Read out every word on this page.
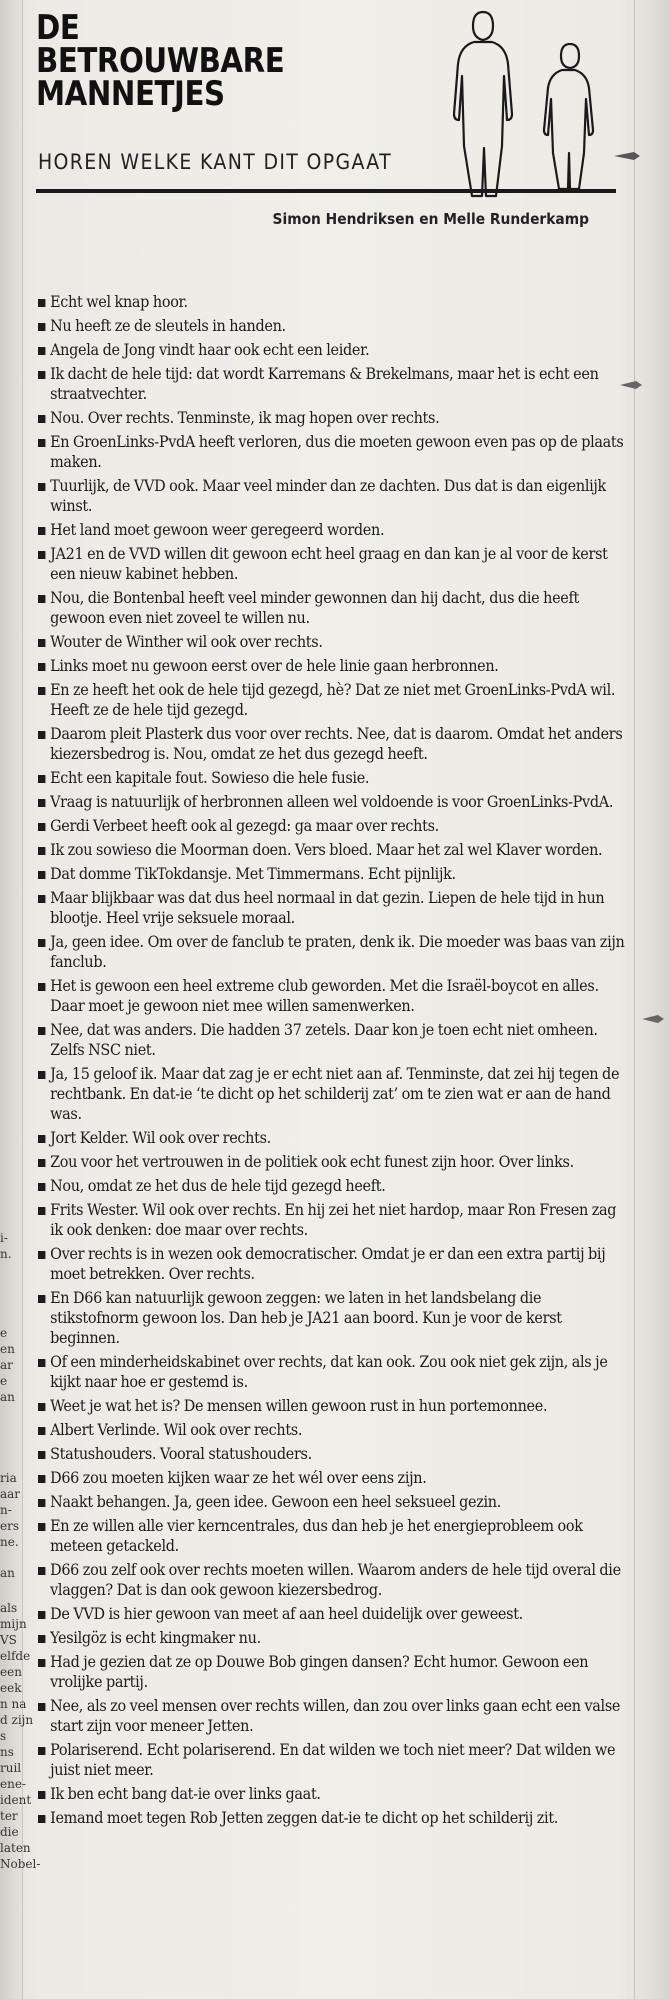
i-
n.
e
en
ar
e
an
ria
aar
n-
ers
ne.
an
als
mijn
VS
elfde
een
eek
n na
d zijn
s
ns
ruil
ene-
ident
ter die
laten
Nobel-
DE
BETROUWBARE
MANNETJES
HOREN WELKE KANT DIT OPGAAT
Simon Hendriksen en Melle Runderkamp
Echt wel knap hoor.
Nu heeft ze de sleutels in handen.
Angela de Jong vindt haar ook echt een leider.
Ik dacht de hele tijd: dat wordt Karremans & Brekelmans, maar het is echt een straatvechter.
Nou. Over rechts. Tenminste, ik mag hopen over rechts.
En GroenLinks-PvdA heeft verloren, dus die moeten gewoon even pas op de plaats maken.
Tuurlijk, de VVD ook. Maar veel minder dan ze dachten. Dus dat is dan eigenlijk winst.
Het land moet gewoon weer geregeerd worden.
JA21 en de VVD willen dit gewoon echt heel graag en dan kan je al voor de kerst een nieuw kabinet hebben.
Nou, die Bontenbal heeft veel minder gewonnen dan hij dacht, dus die heeft gewoon even niet zoveel te willen nu.
Wouter de Winther wil ook over rechts.
Links moet nu gewoon eerst over de hele linie gaan herbronnen.
En ze heeft het ook de hele tijd gezegd, hè? Dat ze niet met GroenLinks-PvdA wil. Heeft ze de hele tijd gezegd.
Daarom pleit Plasterk dus voor over rechts. Nee, dat is daarom. Omdat het anders kiezersbedrog is. Nou, omdat ze het dus gezegd heeft.
Echt een kapitale fout. Sowieso die hele fusie.
Vraag is natuurlijk of herbronnen alleen wel voldoende is voor GroenLinks-PvdA.
Gerdi Verbeet heeft ook al gezegd: ga maar over rechts.
Ik zou sowieso die Moorman doen. Vers bloed. Maar het zal wel Klaver worden.
Dat domme TikTokdansje. Met Timmermans. Echt pijnlijk.
Maar blijkbaar was dat dus heel normaal in dat gezin. Liepen de hele tijd in hun blootje. Heel vrije seksuele moraal.
Ja, geen idee. Om over de fanclub te praten, denk ik. Die moeder was baas van zijn fanclub.
Het is gewoon een heel extreme club geworden. Met die Israël-boycot en alles. Daar moet je gewoon niet mee willen samenwerken.
Nee, dat was anders. Die hadden 37 zetels. Daar kon je toen echt niet omheen. Zelfs NSC niet.
Ja, 15 geloof ik. Maar dat zag je er echt niet aan af. Tenminste, dat zei hij tegen de rechtbank. En dat-ie ‘te dicht op het schilderij zat’ om te zien wat er aan de hand was.
Jort Kelder. Wil ook over rechts.
Zou voor het vertrouwen in de politiek ook echt funest zijn hoor. Over links.
Nou, omdat ze het dus de hele tijd gezegd heeft.
Frits Wester. Wil ook over rechts. En hij zei het niet hardop, maar Ron Fresen zag ik ook denken: doe maar over rechts.
Over rechts is in wezen ook democratischer. Omdat je er dan een extra partij bij moet betrekken. Over rechts.
En D66 kan natuurlijk gewoon zeggen: we laten in het landsbelang die stikstofnorm gewoon los. Dan heb je JA21 aan boord. Kun je voor de kerst beginnen.
Of een minderheidskabinet over rechts, dat kan ook. Zou ook niet gek zijn, als je kijkt naar hoe er gestemd is.
Weet je wat het is? De mensen willen gewoon rust in hun portemonnee.
Albert Verlinde. Wil ook over rechts.
Statushouders. Vooral statushouders.
D66 zou moeten kijken waar ze het wél over eens zijn.
Naakt behangen. Ja, geen idee. Gewoon een heel seksueel gezin.
En ze willen alle vier kerncentrales, dus dan heb je het energieprobleem ook meteen getackeld.
D66 zou zelf ook over rechts moeten willen. Waarom anders de hele tijd overal die vlaggen? Dat is dan ook gewoon kiezersbedrog.
De VVD is hier gewoon van meet af aan heel duidelijk over geweest.
Yesilgöz is echt kingmaker nu.
Had je gezien dat ze op Douwe Bob gingen dansen? Echt humor. Gewoon een vrolijke partij.
Nee, als zo veel mensen over rechts willen, dan zou over links gaan echt een valse start zijn voor meneer Jetten.
Polariserend. Echt polariserend. En dat wilden we toch niet meer? Dat wilden we juist niet meer.
Ik ben echt bang dat-ie over links gaat.
Iemand moet tegen Rob Jetten zeggen dat-ie te dicht op het schilderij zit.
